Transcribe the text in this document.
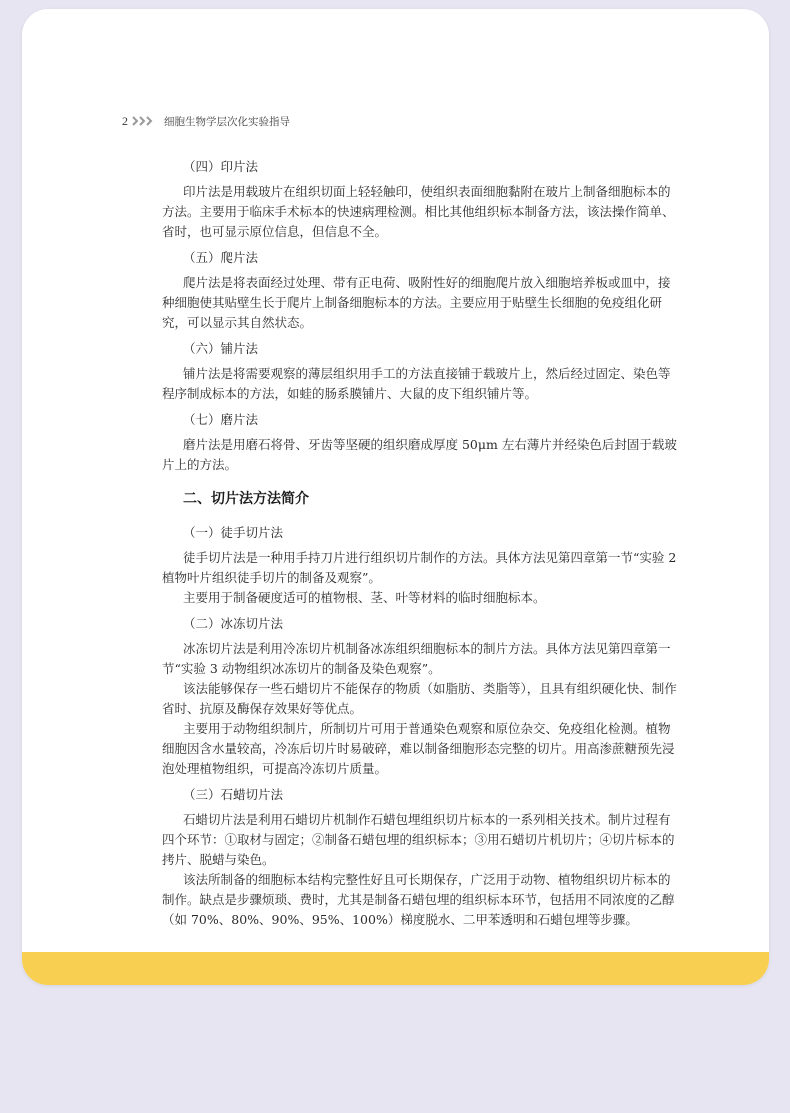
2	细胞生物学层次化实验指导
（四）印片法

印片法是用载玻片在组织切面上轻轻触印，使组织表面细胞黏附在玻片上制备细胞标本的方法。主要用于临床手术标本的快速病理检测。相比其他组织标本制备方法，该法操作简单、省时，也可显示原位信息，但信息不全。

（五）爬片法

爬片法是将表面经过处理、带有正电荷、吸附性好的细胞爬片放入细胞培养板或皿中，接种细胞使其贴壁生长于爬片上制备细胞标本的方法。主要应用于贴壁生长细胞的免疫组化研究，可以显示其自然状态。

（六）铺片法

铺片法是将需要观察的薄层组织用手工的方法直接铺于载玻片上，然后经过固定、染色等程序制成标本的方法，如蛙的肠系膜铺片、大鼠的皮下组织铺片等。

（七）磨片法

磨片法是用磨石将骨、牙齿等坚硬的组织磨成厚度 50μm 左右薄片并经染色后封固于载玻片上的方法。

二、切片法方法简介
（一）徒手切片法

徒手切片法是一种用手持刀片进行组织切片制作的方法。具体方法见第四章第一节“实验 2 植物叶片组织徒手切片的制备及观察”。

主要用于制备硬度适可的植物根、茎、叶等材料的临时细胞标本。

（二）冰冻切片法

冰冻切片法是利用冷冻切片机制备冰冻组织细胞标本的制片方法。具体方法见第四章第一节“实验 3 动物组织冰冻切片的制备及染色观察”。

该法能够保存一些石蜡切片不能保存的物质（如脂肪、类脂等），且具有组织硬化快、制作省时、抗原及酶保存效果好等优点。

主要用于动物组织制片，所制切片可用于普通染色观察和原位杂交、免疫组化检测。植物细胞因含水量较高，冷冻后切片时易破碎，难以制备细胞形态完整的切片。用高渗蔗糖预先浸泡处理植物组织，可提高冷冻切片质量。

（三）石蜡切片法

石蜡切片法是利用石蜡切片机制作石蜡包埋组织切片标本的一系列相关技术。制片过程有四个环节：①取材与固定；②制备石蜡包埋的组织标本；③用石蜡切片机切片；④切片标本的拷片、脱蜡与染色。

该法所制备的细胞标本结构完整性好且可长期保存，广泛用于动物、植物组织切片标本的制作。缺点是步骤烦琐、费时，尤其是制备石蜡包埋的组织标本环节，包括用不同浓度的乙醇（如 70%、80%、90%、95%、100%）梯度脱水、二甲苯透明和石蜡包埋等步骤。
